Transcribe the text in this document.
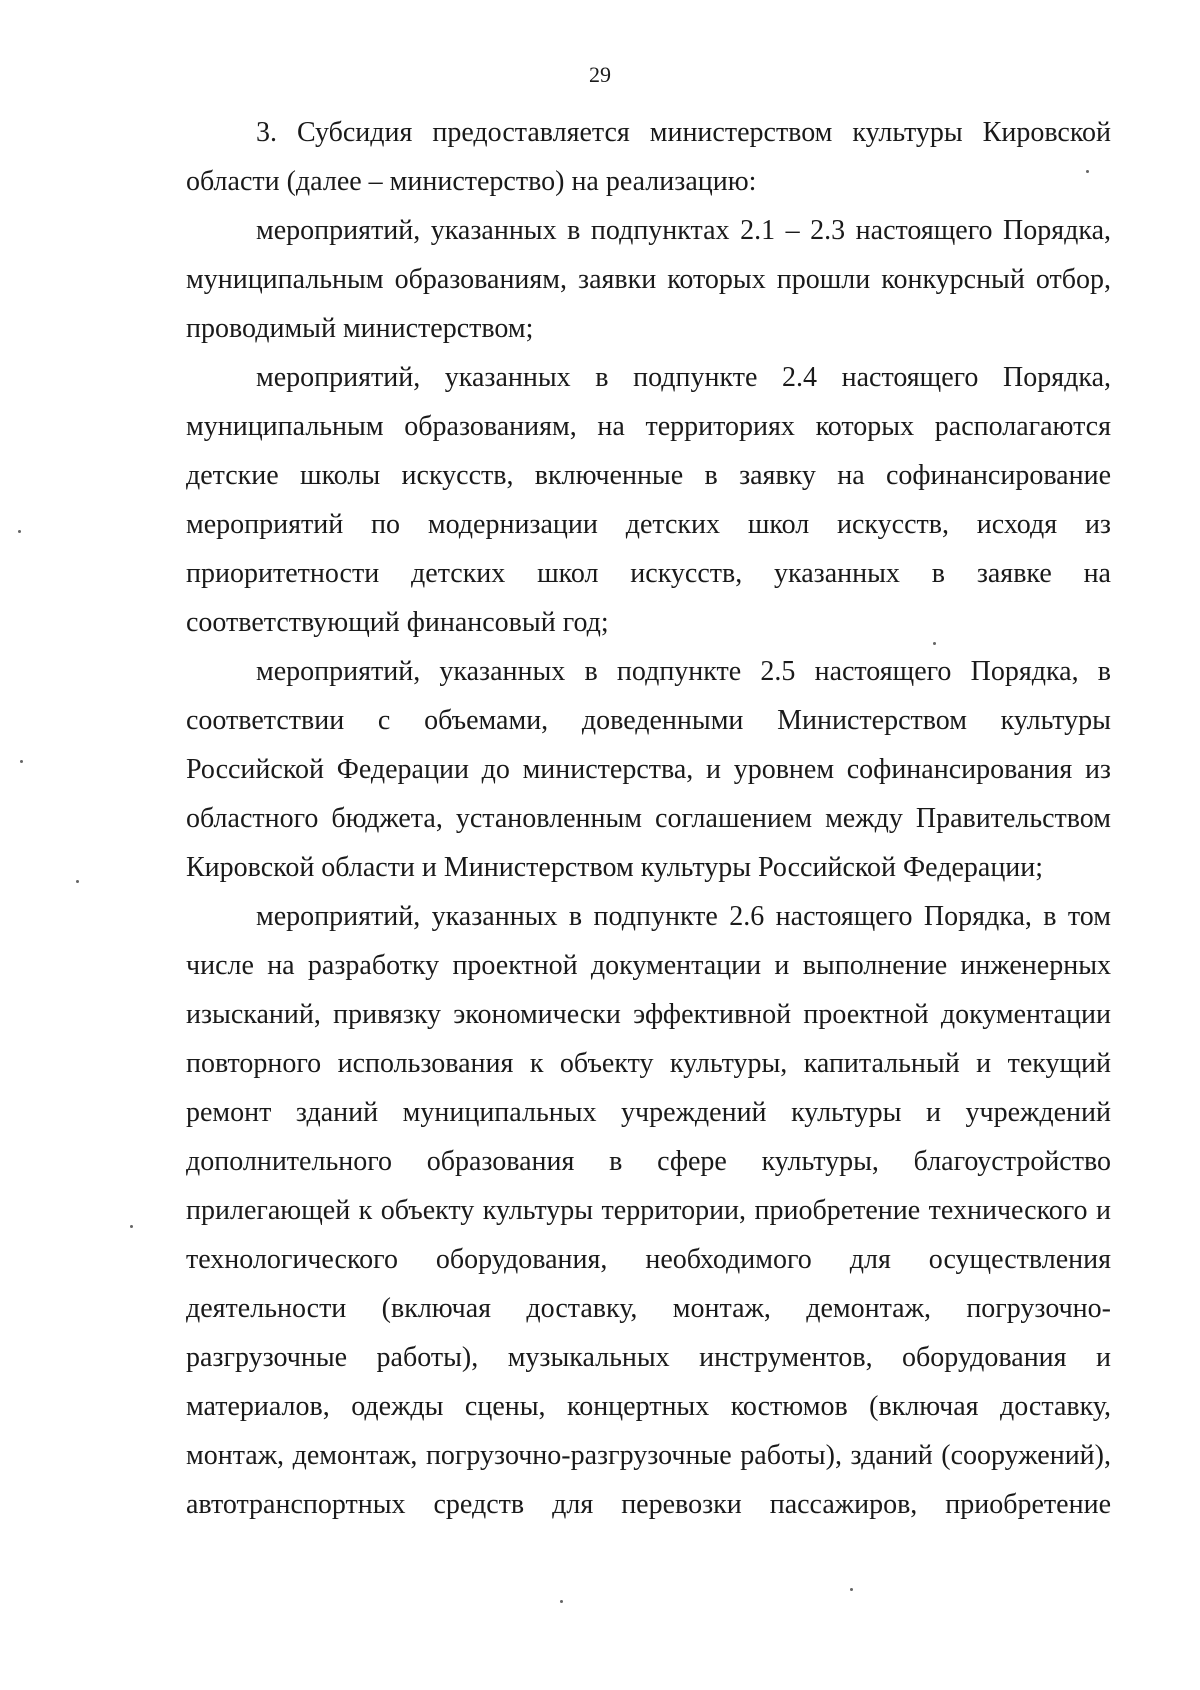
29

3. Субсидия предоставляется министерством культуры Кировской области (далее – министерство) на реализацию:

мероприятий, указанных в подпунктах 2.1 – 2.3 настоящего Порядка, муниципальным образованиям, заявки которых прошли конкурсный отбор, проводимый министерством;

мероприятий, указанных в подпункте 2.4 настоящего Порядка, муниципальным образованиям, на территориях которых располагаются детские школы искусств, включенные в заявку на софинансирование мероприятий по модернизации детских школ искусств, исходя из приоритетности детских школ искусств, указанных в заявке на соответствующий финансовый год;

мероприятий, указанных в подпункте 2.5 настоящего Порядка, в соответствии с объемами, доведенными Министерством культуры Российской Федерации до министерства, и уровнем софинансирования из областного бюджета, установленным соглашением между Правительством Кировской области и Министерством культуры Российской Федерации;

мероприятий, указанных в подпункте 2.6 настоящего Порядка, в том числе на разработку проектной документации и выполнение инженерных изысканий, привязку экономически эффективной проектной документации повторного использования к объекту культуры, капитальный и текущий ремонт зданий муниципальных учреждений культуры и учреждений дополнительного образования в сфере культуры, благоустройство прилегающей к объекту культуры территории, приобретение технического и технологического оборудования, необходимого для осуществления деятельности (включая доставку, монтаж, демонтаж, погрузочно-разгрузочные работы), музыкальных инструментов, оборудования и материалов, одежды сцены, концертных костюмов (включая доставку, монтаж, демонтаж, погрузочно-разгрузочные работы), зданий (сооружений), автотранспортных средств для перевозки пассажиров, приобретение
